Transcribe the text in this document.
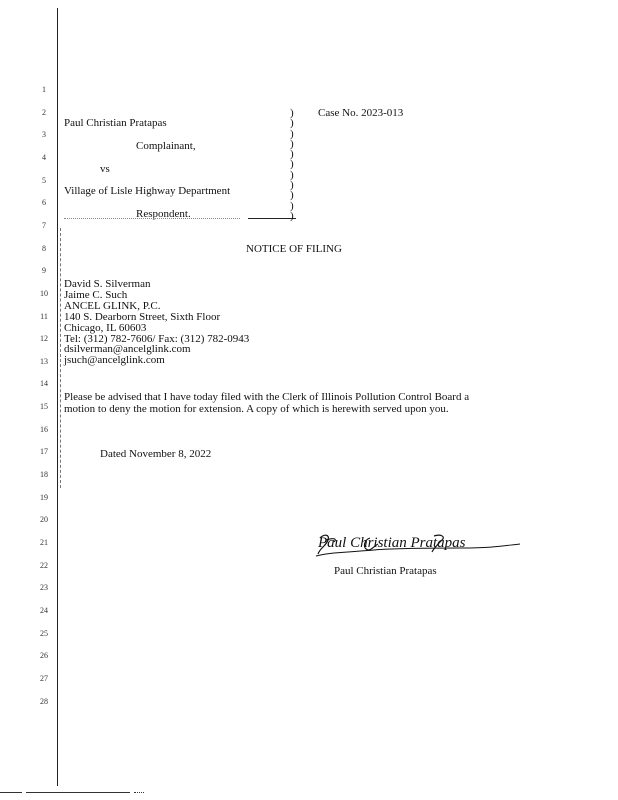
1
2
3
4
5
6
7
8
9
10
11
12
13
14
15
16
17
18
19
20
21
22
23
24
25
26
27
28
Paul Christian Pratapas
Complainant,
vs
Village of Lisle Highway Department
Respondent.
)
)
)
)
)
)
)
)
)
)
)
Case No. 2023-013
NOTICE OF FILING
David S. Silverman
Jaime C. Such
ANCEL GLINK, P.C.
140 S. Dearborn Street, Sixth Floor
Chicago, IL 60603
Tel: (312) 782-7606/ Fax: (312) 782-0943
dsilverman@ancelglink.com
jsuch@ancelglink.com
Please be advised that I have today filed with the Clerk of Illinois Pollution Control Board a
motion to deny the motion for extension. A copy of which is herewith served upon you.
Dated November 8, 2022
Paul Christian Pratapas
Paul Christian Pratapas
